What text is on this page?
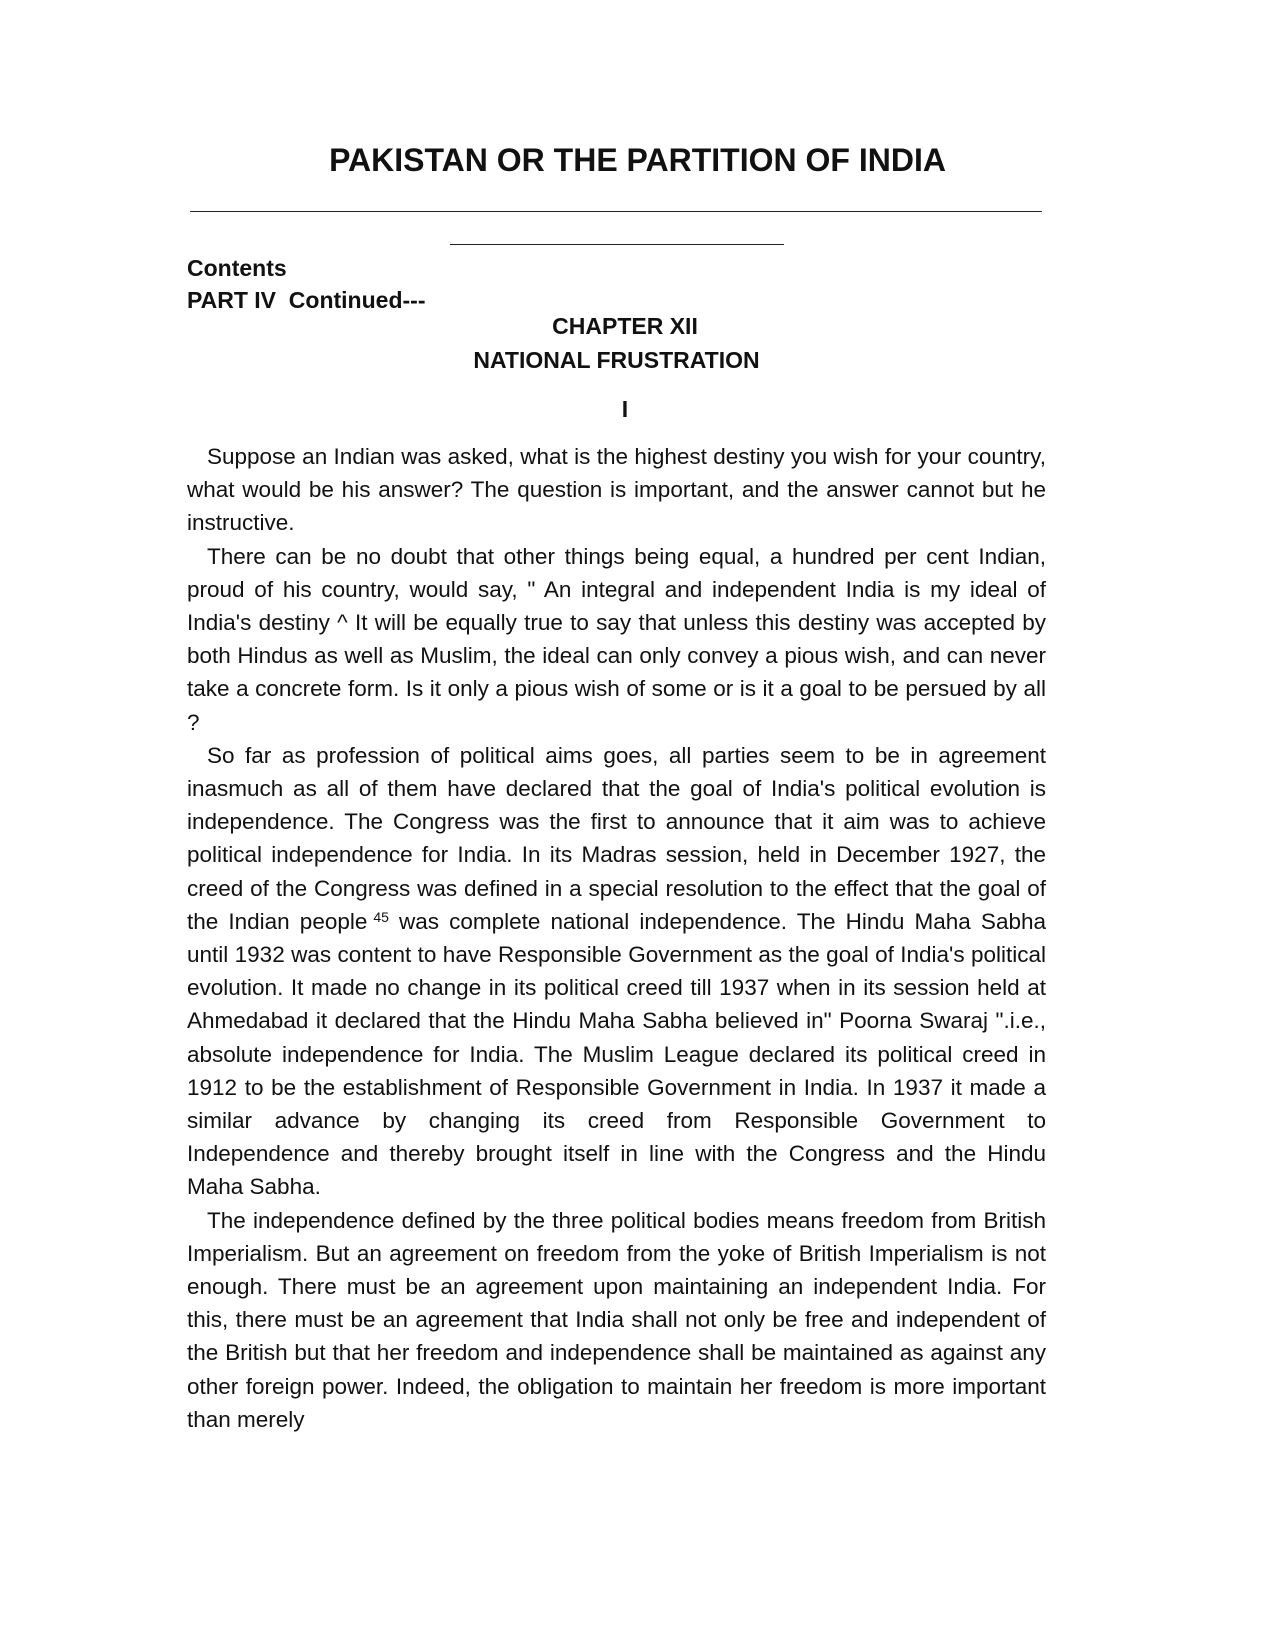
PAKISTAN OR THE PARTITION OF INDIA
Contents
PART IV  Continued---
CHAPTER XII
NATIONAL FRUSTRATION
I

Suppose an Indian was asked, what is the highest destiny you wish for your country, what would be his answer? The question is important, and the answer cannot but he instructive.

There can be no doubt that other things being equal, a hundred per cent Indian, proud of his country, would say, " An integral and independent India is my ideal of India's destiny ^ It will be equally true to say that unless this destiny was accepted by both Hindus as well as Muslim, the ideal can only convey a pious wish, and can never take a concrete form. Is it only a pious wish of some or is it a goal to be persued by all ?

So far as profession of political aims goes, all parties seem to be in agreement inasmuch as all of them have declared that the goal of India's political evolution is independence. The Congress was the first to announce that it aim was to achieve political independence for India. In its Madras session, held in December 1927, the creed of the Congress was defined in a special resolution to the effect that the goal of the Indian people $^{45}$ was complete national independence. The Hindu Maha Sabha until 1932 was content to have Responsible Government as the goal of India's political evolution. It made no change in its political creed till 1937 when in its session held at Ahmedabad it declared that the Hindu Maha Sabha believed in" Poorna Swaraj ".i.e., absolute independence for India. The Muslim League declared its political creed in 1912 to be the establishment of Responsible Government in India. In 1937 it made a similar advance by changing its creed from Responsible Government to Independence and thereby brought itself in line with the Congress and the Hindu Maha Sabha.

The independence defined by the three political bodies means freedom from British Imperialism. But an agreement on freedom from the yoke of British Imperialism is not enough. There must be an agreement upon maintaining an independent India. For this, there must be an agreement that India shall not only be free and independent of the British but that her freedom and independence shall be maintained as against any other foreign power. Indeed, the obligation to maintain her freedom is more important than merely
